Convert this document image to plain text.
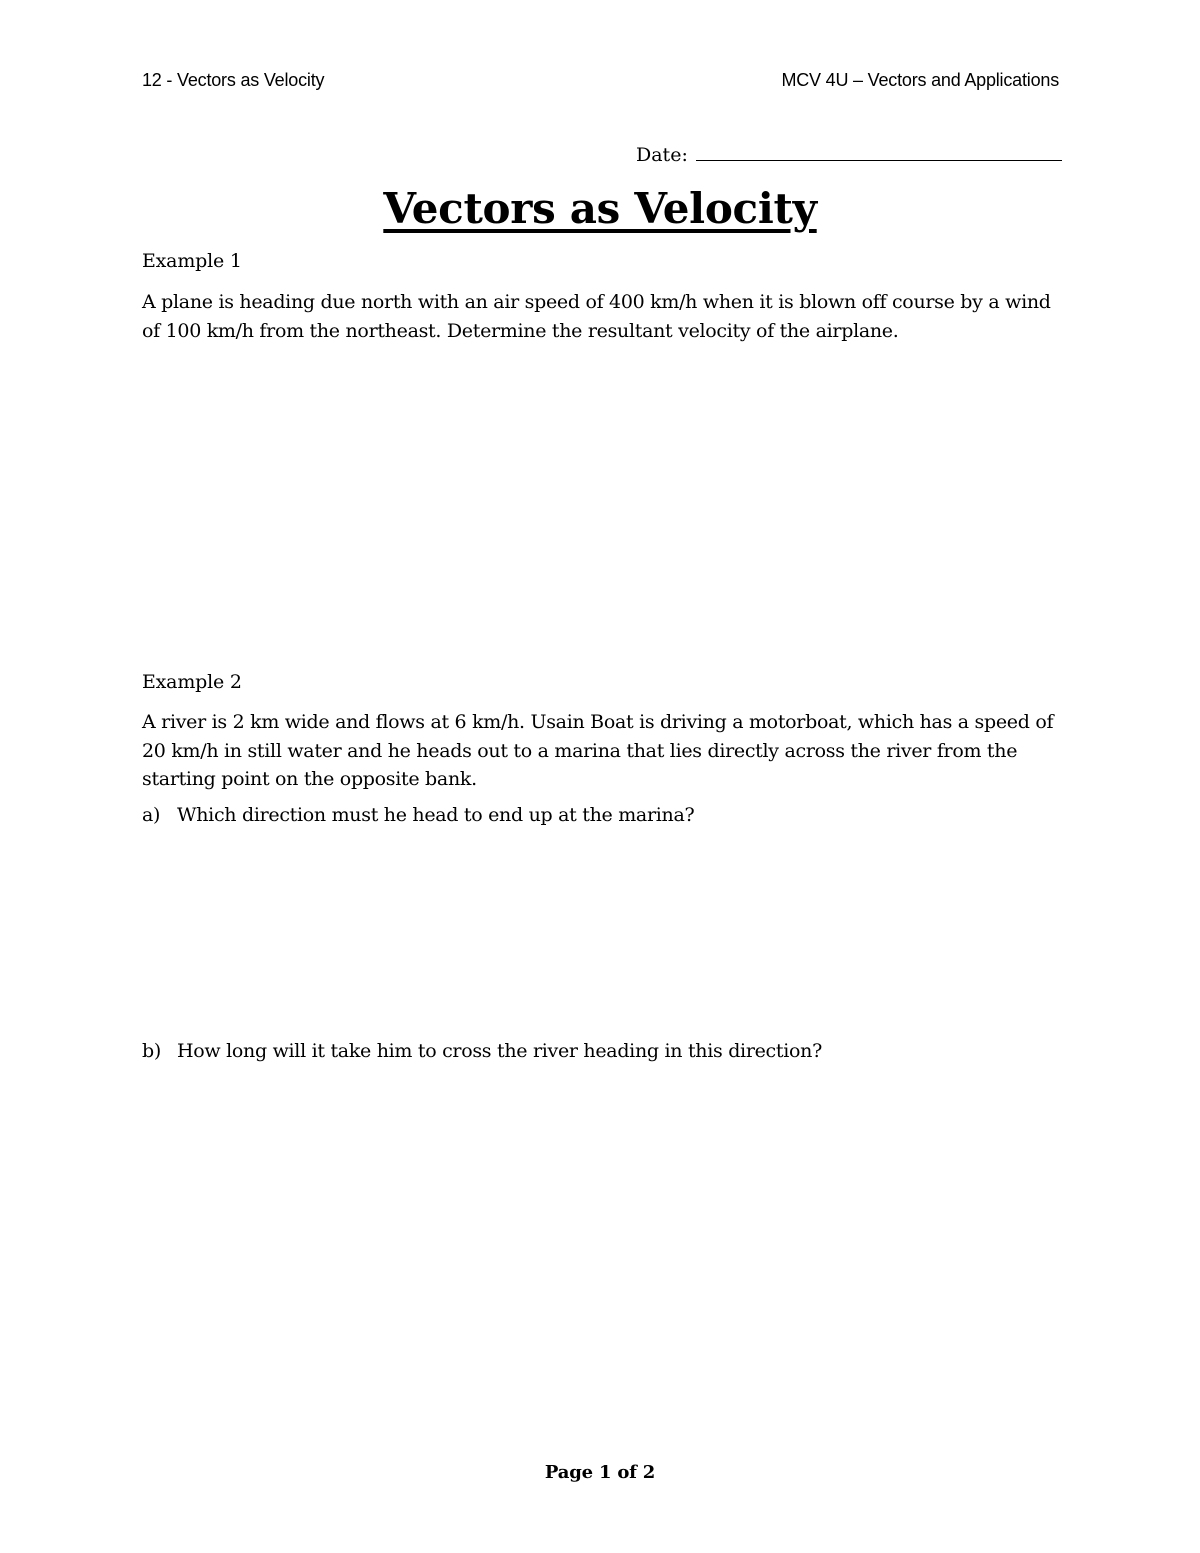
12 - Vectors as Velocity	MCV 4U – Vectors and Applications
Date:
Vectors as Velocity
Example 1

A plane is heading due north with an air speed of 400 km/h when it is blown off course by a wind of 100 km/h from the northeast. Determine the resultant velocity of the airplane.

Example 2

A river is 2 km wide and flows at 6 km/h. Usain Boat is driving a motorboat, which has a speed of 20 km/h in still water and he heads out to a marina that lies directly across the river from the starting point on the opposite bank.

a) Which direction must he head to end up at the marina?
b) How long will it take him to cross the river heading in this direction?
Page 1 of 2
